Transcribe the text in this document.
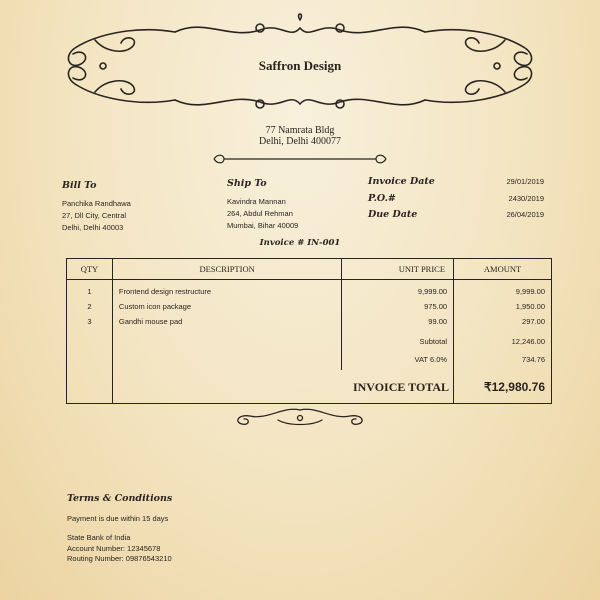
Saffron Design
77 Namrata Bldg
Delhi, Delhi 400077
Bill To
Panchika Randhawa
27, Dll City, Central
Delhi, Delhi 40003
Ship To
Kavindra Mannan
264, Abdul Rehman
Mumbai, Bihar 40009
Invoice Date	29/01/2019
P.O.#	2430/2019
Due Date	26/04/2019
Invoice # IN-001
QTY	DESCRIPTION	UNIT PRICE	AMOUNT
1	Frontend design restructure	9,999.00	9,999.00
2	Custom icon package	975.00	1,950.00
3	Gandhi mouse pad	99.00	297.00
		Subtotal	12,246.00
		VAT 6.0%	734.76
	INVOICE TOTAL		₹12,980.76
Terms & Conditions
Payment is due within 15 days
State Bank of India
Account Number: 12345678
Routing Number: 09876543210
